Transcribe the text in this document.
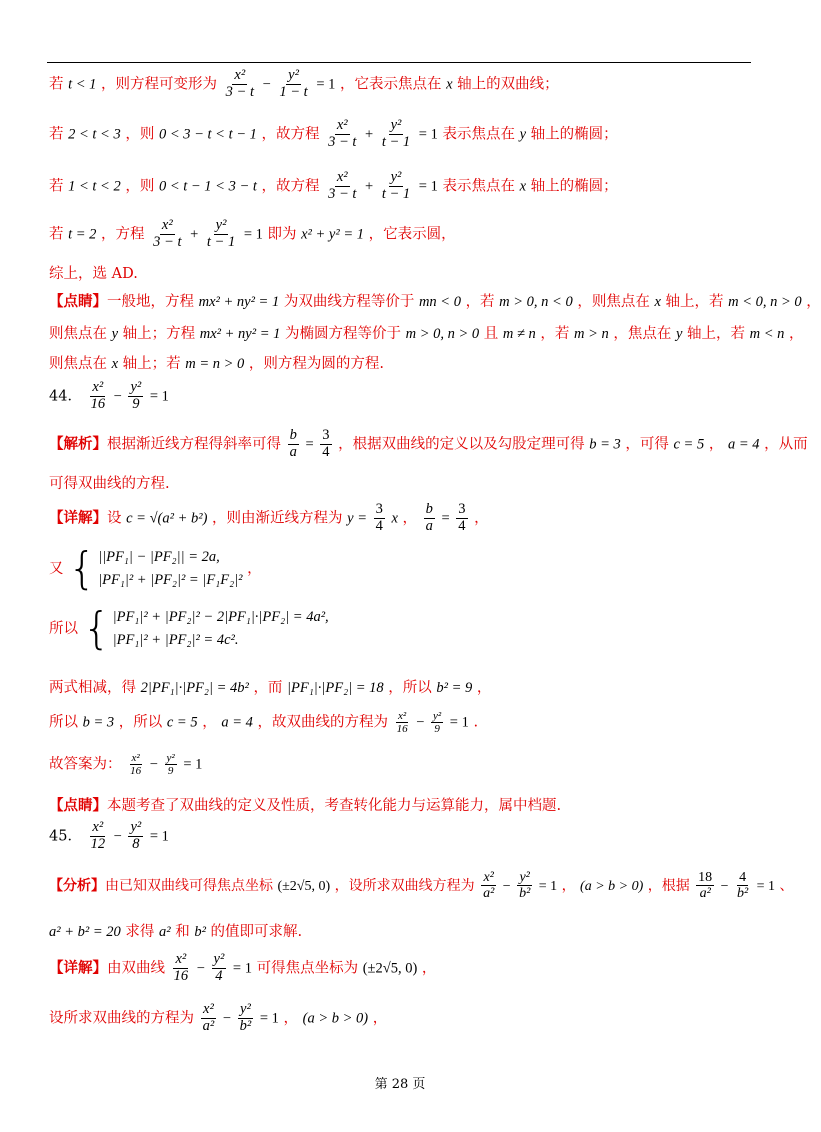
若 t < 1 ，则方程可变形为 $\frac{\text{x²}}{3 - t} - \frac{\text{y²}}{1 - t} = 1$ ，它表示焦点在 x 轴上的双曲线；
若 2 < t < 3 ，则 0 < 3 − t < t − 1 ，故方程 $\frac{\text{x²}}{3 - t} + \frac{\text{y²}}{t - 1} = 1$ 表示焦点在 y 轴上的椭圆；
若 1 < t < 2 ，则 0 < t − 1 < 3 − t ，故方程 $\frac{\text{x²}}{3 - t} + \frac{\text{y²}}{t - 1} = 1$ 表示焦点在 x 轴上的椭圆；
若 t = 2 ，方程 $\frac{\text{x²}}{3 - t} + \frac{\text{y²}}{t - 1} = 1$ 即为 x² + y² = 1 ，它表示圆，
综上，选 AD.
【点睛】一般地，方程 mx² + ny² = 1 为双曲线方程等价于 mn < 0 ，若 m > 0, n < 0 ，则焦点在 x 轴上，若 m < 0, n > 0 ，
则焦点在 y 轴上；方程 mx² + ny² = 1 为椭圆方程等价于 m > 0, n > 0 且 m ≠ n ，若 m > n ，焦点在 y 轴上，若 m < n ，
则焦点在 x 轴上；若 m = n > 0 ，则方程为圆的方程.
44． $\frac{\text{x²}}{16} - \frac{\text{y²}}{9} = 1$
【解析】根据渐近线方程得斜率可得 $\frac{b}{a} = \frac{3}{4}$ ，根据双曲线的定义以及勾股定理可得 b = 3 ，可得 c = 5 ， a = 4 ，从而
可得双曲线的方程.
【详解】设 c = √(a² + b²) ，则由渐近线方程为 $y = \frac{3}{4}$ x ， $\frac{b}{a} = \frac{3}{4}$ ，
又 { ||PF₁| − |PF₂|| = 2a,
|PF₁|² + |PF₂|² = |F₁F₂|²
，
所以 { |PF₁|² + |PF₂|² − 2|PF₁|·|PF₂| = 4a²,
|PF₁|² + |PF₂|² = 4c².
两式相减，得 2|PF₁|·|PF₂| = 4b² ，而 |PF₁|·|PF₂| = 18 ，所以 b² = 9 ，
所以 b = 3 ，所以 c = 5 ， a = 4 ，故双曲线的方程为 $\frac{\text{x²}}{16} - \frac{\text{y²}}{9} = 1$ .
故答案为： $\frac{\text{x²}}{16} - \frac{\text{y²}}{9} = 1$
【点睛】本题考查了双曲线的定义及性质，考查转化能力与运算能力，属中档题.
45． $\frac{\text{x²}}{12} - \frac{\text{y²}}{8} = 1$
【分析】由已知双曲线可得焦点坐标 (±2√5, 0) ，设所求双曲线方程为 $\frac{\text{x²}}{\text{a²}} - \frac{\text{y²}}{\text{b²}} = 1$ ， (a > b > 0) ，根据 $\frac{18}{\text{a²}} - \frac{4}{\text{b²}} = 1$ 、
a² + b² = 20 求得 a² 和 b² 的值即可求解.
【详解】由双曲线 $\frac{\text{x²}}{16} - \frac{\text{y²}}{4} = 1$ 可得焦点坐标为 (±2√5, 0) ，
设所求双曲线的方程为 $\frac{\text{x²}}{\text{a²}} - \frac{\text{y²}}{\text{b²}} = 1$ ， (a > b > 0) ，
第 28 页
